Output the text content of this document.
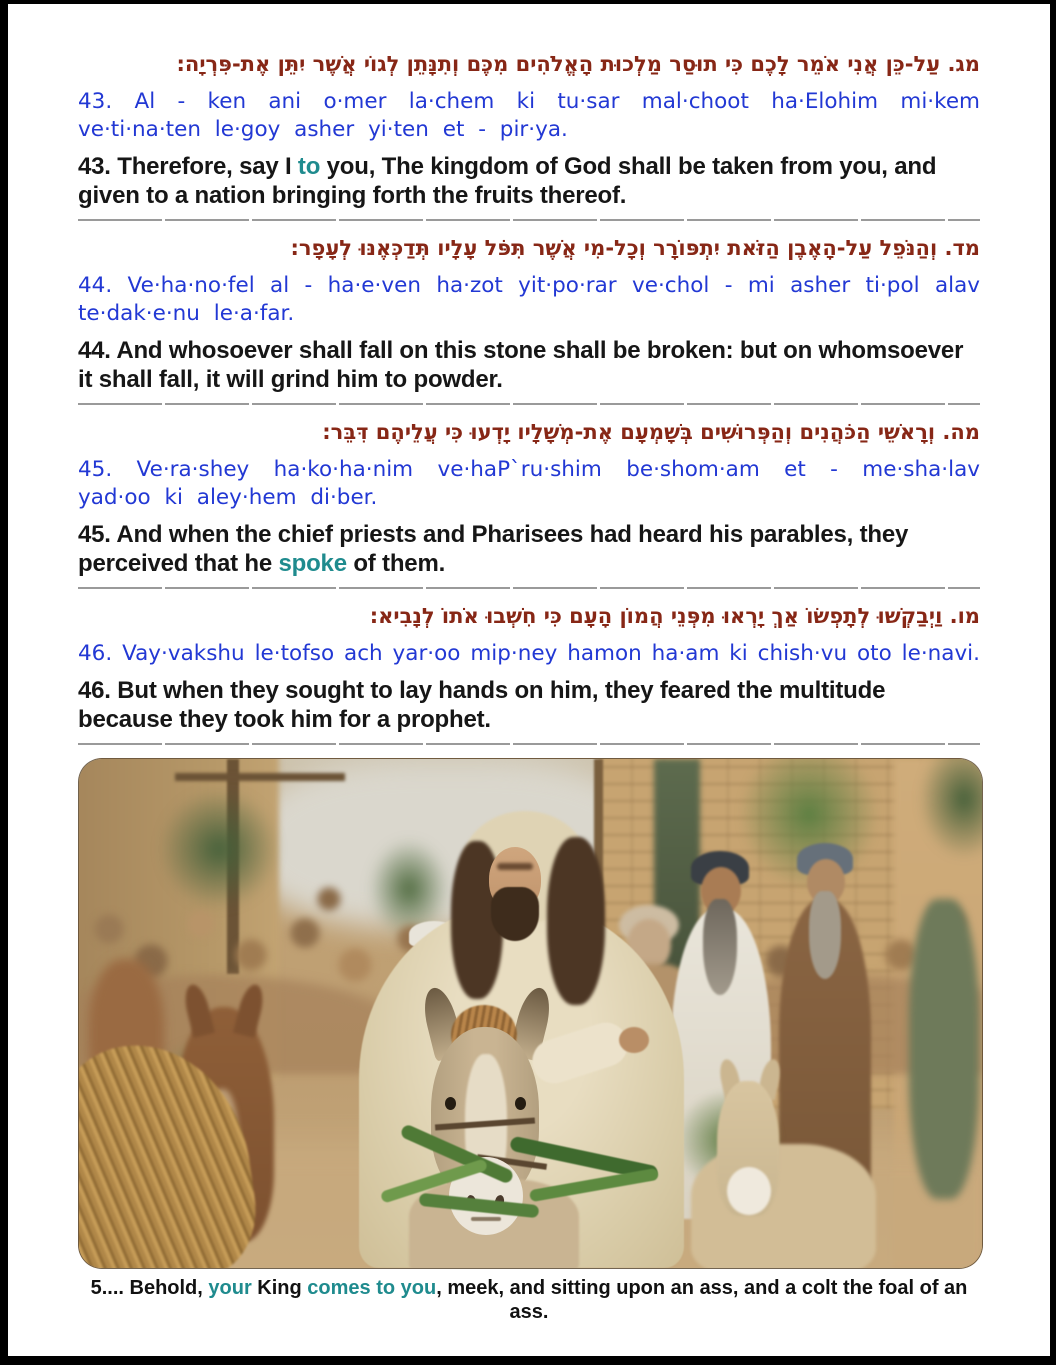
מג. עַל-כֵּן אֲנִי אֹמֵר לָכֶם כִּי תוּסַר מַלְכוּת הָאֱלֹהִים מִכֶּם וְתִנָּתֵן לְגוֹי אֲשֶׁר יִתֵּן אֶת-פִּרְיָה:

43. Al - ken ani o·mer la·chem ki tu·sar mal·choot ha·Elohim mi·kem ve·ti·na·ten le·goy asher yi·ten et - pir·ya.

43. Therefore, say I to you, The kingdom of God shall be taken from you, and given to a nation bringing forth the fruits thereof.

מד. וְהַנֹּפֵל עַל-הָאֶבֶן הַזֹּאת יִתְפּוֹרָר וְכָל-מִי אֲשֶׁר תִּפֹּל עָלָיו תְּדַכְּאֶנּוּ לְעָפָר:

44. Ve·ha·no·fel al - ha·e·ven ha·zot yit·po·rar ve·chol - mi asher ti·pol alav te·dak·e·nu le·a·far.

44. And whosoever shall fall on this stone shall be broken: but on whomsoever it shall fall, it will grind him to powder.

מה. וְרָאשֵׁי הַכֹּהֲנִים וְהַפְּרוּשִׁים בְּשָׁמְעָם אֶת-מְשָׁלָיו יָדְעוּ כִּי עֲלֵיהֶם דִּבֵּר:

45. Ve·ra·shey ha·ko·ha·nim ve·haP`ru·shim be·shom·am et - me·sha·lav yad·oo ki aley·hem di·ber.

45. And when the chief priests and Pharisees had heard his parables, they perceived that he spoke of them.

מו. וַיְבַקְשׁוּ לְתָפְשׂוֹ אַךְ יָרְאוּ מִפְּנֵי הֲמוֹן הָעָם כִּי חִשְׁבוּ אֹתוֹ לְנָבִיא:

46. Vay·vakshu le·tofso ach yar·oo mip·ney hamon ha·am ki chish·vu oto le·navi.

46. But when they sought to lay hands on him, they feared the multitude because they took him for a prophet.

5.... Behold, your King comes to you, meek, and sitting upon an ass, and a colt the foal of an ass.
